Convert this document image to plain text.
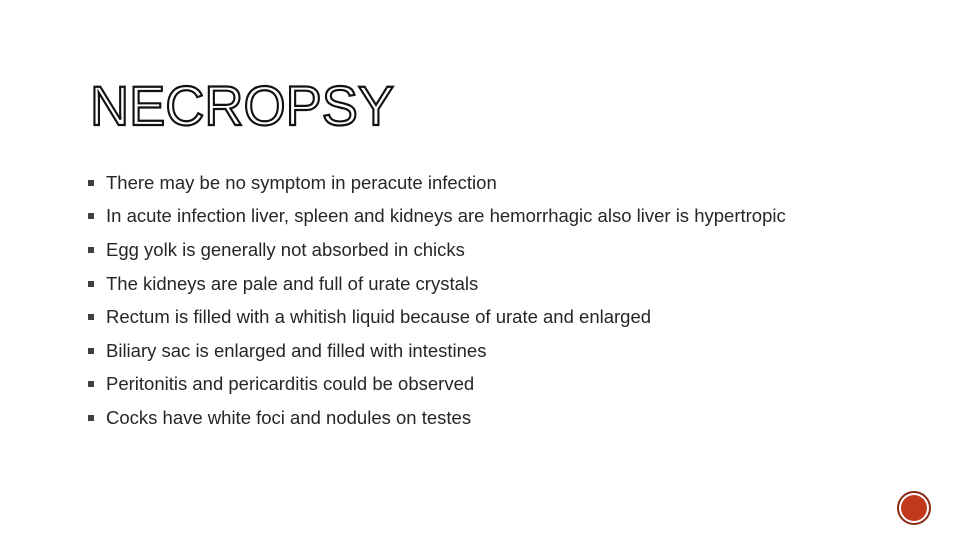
NECROPSY
There may be no symptom in peracute infection
In acute infection liver, spleen and kidneys are hemorrhagic also liver is hypertropic
Egg yolk is generally not absorbed in chicks
The kidneys are pale and full of urate crystals
Rectum is filled with a whitish liquid because of urate and enlarged
Biliary sac is enlarged and filled with intestines
Peritonitis and pericarditis could be observed
Cocks have white foci and nodules on testes
